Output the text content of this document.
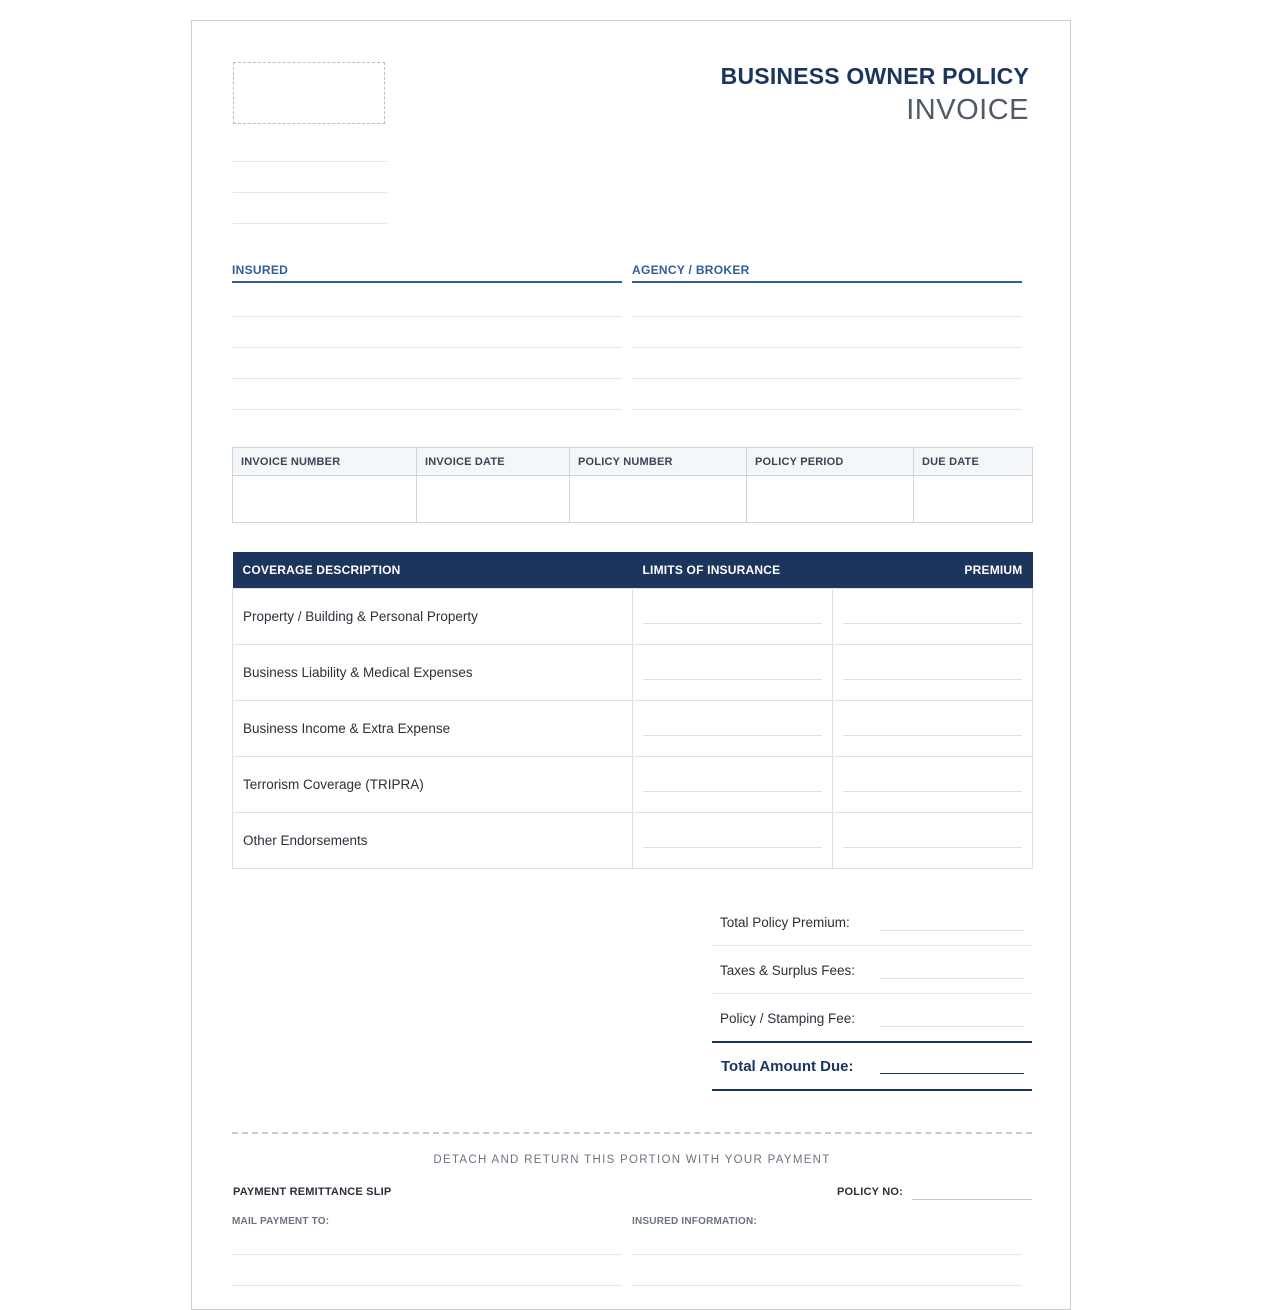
BUSINESS OWNER POLICY
INVOICE
INSURED	AGENCY / BROKER
INVOICE NUMBER	INVOICE DATE	POLICY NUMBER	POLICY PERIOD	DUE DATE

COVERAGE DESCRIPTION	LIMITS OF INSURANCE	PREMIUM
Property / Building & Personal Property	

Business Liability & Medical Expenses	

Business Income & Extra Expense	

Terrorism Coverage (TRIPRA)	

Other Endorsements	

Total Policy Premium:
Taxes & Surplus Fees:
Policy / Stamping Fee:
Total Amount Due:
DETACH AND RETURN THIS PORTION WITH YOUR PAYMENT
PAYMENT REMITTANCE SLIP	POLICY NO:
MAIL PAYMENT TO:	INSURED INFORMATION:
